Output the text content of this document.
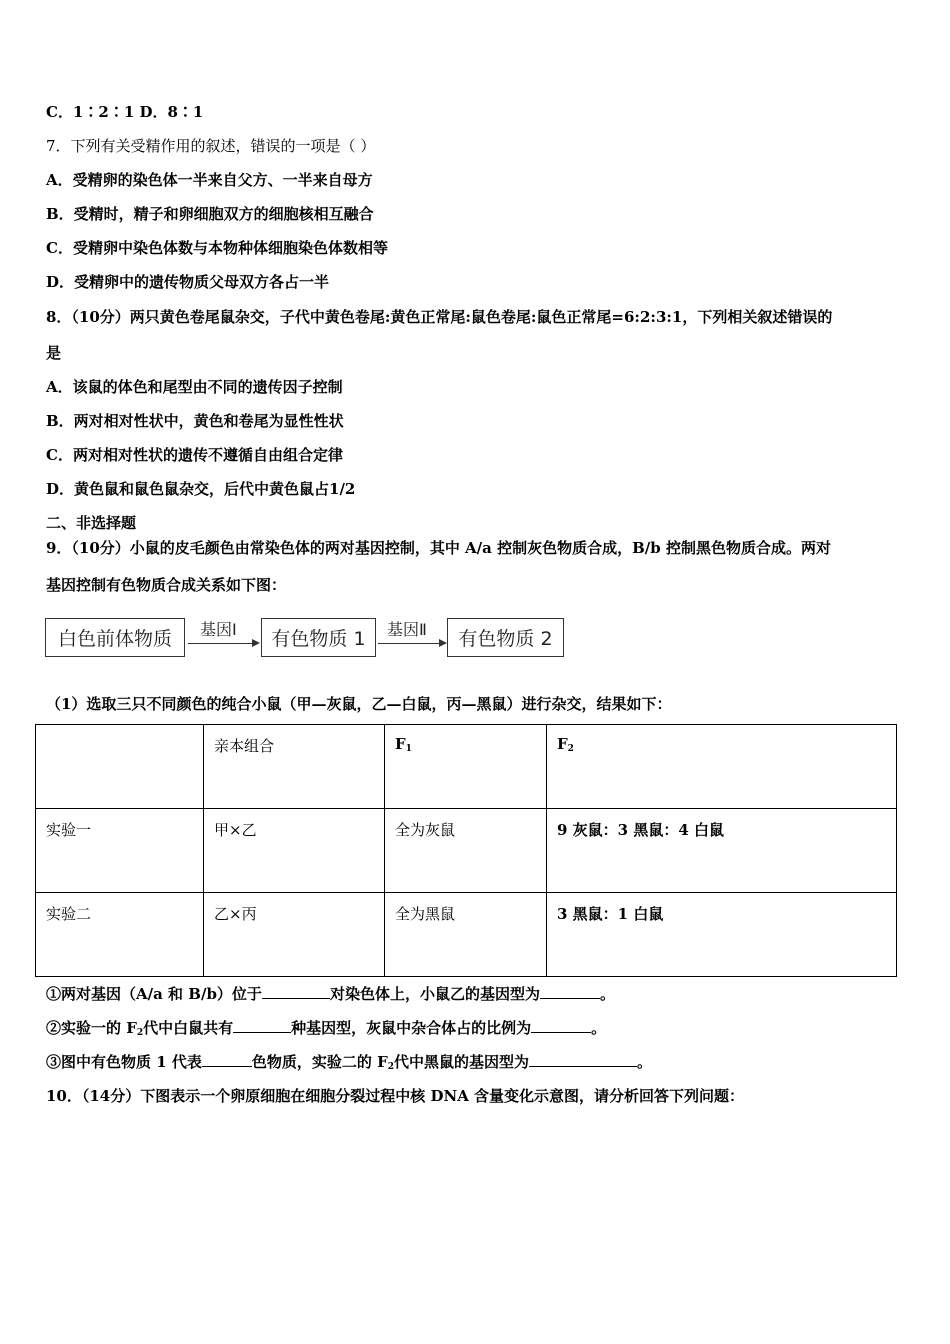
C．1∶2∶1 D．8∶1
7．下列有关受精作用的叙述，错误的一项是（ ）
A．受精卵的染色体一半来自父方、一半来自母方
B．受精时，精子和卵细胞双方的细胞核相互融合
C．受精卵中染色体数与本物种体细胞染色体数相等
D．受精卵中的遗传物质父母双方各占一半
8．（10分）两只黄色卷尾鼠杂交，子代中黄色卷尾:黄色正常尾:鼠色卷尾:鼠色正常尾=6:2:3:1，下列相关叙述错误的
是
A．该鼠的体色和尾型由不同的遗传因子控制
B．两对相对性状中，黄色和卷尾为显性性状
C．两对相对性状的遗传不遵循自由组合定律
D．黄色鼠和鼠色鼠杂交，后代中黄色鼠占1/2
二、非选择题
9．（10分）小鼠的皮毛颜色由常染色体的两对基因控制，其中 A/a 控制灰色物质合成，B/b 控制黑色物质合成。两对
基因控制有色物质合成关系如下图：
白色前体物质	基因Ⅰ	有色物质 1	基因Ⅱ	有色物质 2
（1）选取三只不同颜色的纯合小鼠（甲—灰鼠，乙—白鼠，丙—黑鼠）进行杂交，结果如下：
	亲本组合	$F_1$	$F_2$
实验一	甲×乙	全为灰鼠	9 灰鼠：3 黑鼠：4 白鼠
实验二	乙×丙	全为黑鼠	3 黑鼠：1 白鼠
①两对基因（A/a 和 B/b）位于	对染色体上，小鼠乙的基因型为	。
②实验一的 $F_2$代中白鼠共有	种基因型，灰鼠中杂合体占的比例为	。
③图中有色物质 1 代表	色物质，实验二的 $F_2$代中黑鼠的基因型为	。
10．（14分）下图表示一个卵原细胞在细胞分裂过程中核 DNA 含量变化示意图，请分析回答下列问题：
